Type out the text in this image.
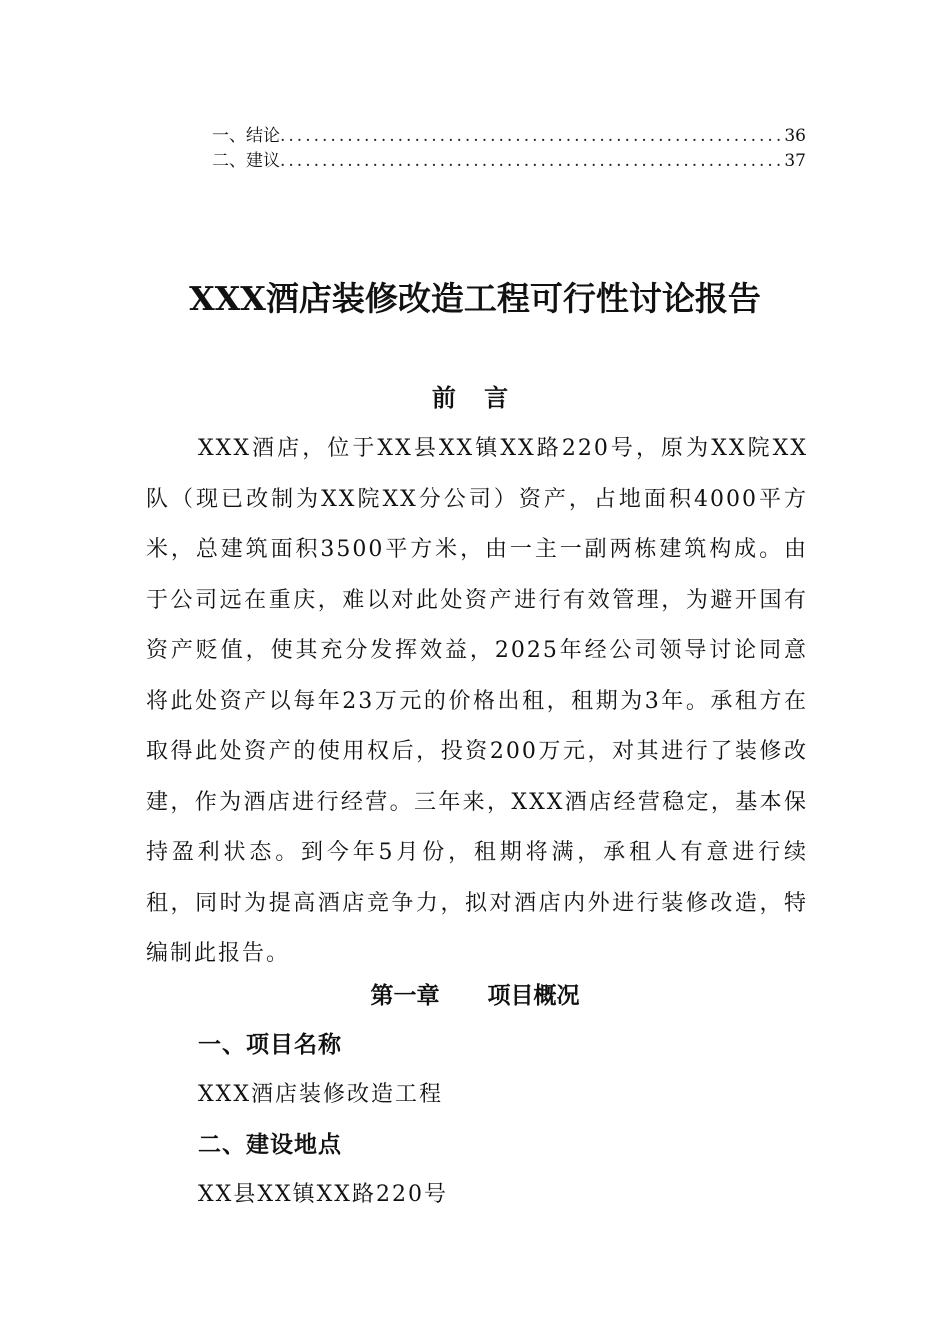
一、结论 .....	36
二、建议 .....	37
XXX酒店装修改造工程可行性讨论报告
前 言

XXX酒店，位于XX县XX镇XX路220号，原为XX院XX队（现已改制为XX院XX分公司）资产，占地面积4000平方米，总建筑面积3500平方米，由一主一副两栋建筑构成。由于公司远在重庆，难以对此处资产进行有效管理，为避开国有资产贬值，使其充分发挥效益，2025年经公司领导讨论同意将此处资产以每年23万元的价格出租，租期为3年。承租方在取得此处资产的使用权后，投资200万元，对其进行了装修改建，作为酒店进行经营。三年来，XXX酒店经营稳定，基本保持盈利状态。到今年5月份，租期将满，承租人有意进行续租，同时为提高酒店竞争力，拟对酒店内外进行装修改造，特编制此报告。

第一章      项目概况
一、项目名称
XXX酒店装修改造工程
二、建设地点
XX县XX镇XX路220号
